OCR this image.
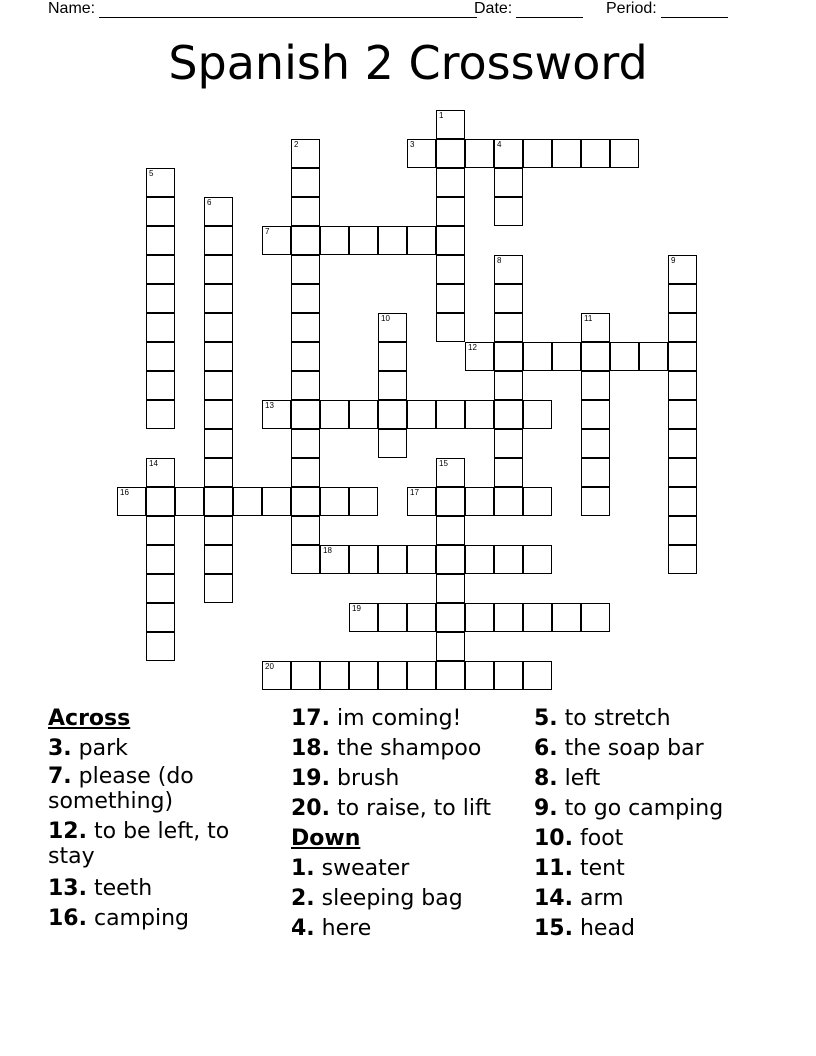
Name:	Date:	Period:
Spanish 2 Crossword
1
2	3	4
5
6
7
8	9
10	11
12
13
14	15
16	17
18
19
20
Across
3. park
7. please (do something)
12. to be left, to stay
13. teeth
16. camping
17. im coming!
18. the shampoo
19. brush
20. to raise, to lift
Down
1. sweater
2. sleeping bag
4. here
5. to stretch
6. the soap bar
8. left
9. to go camping
10. foot
11. tent
14. arm
15. head
